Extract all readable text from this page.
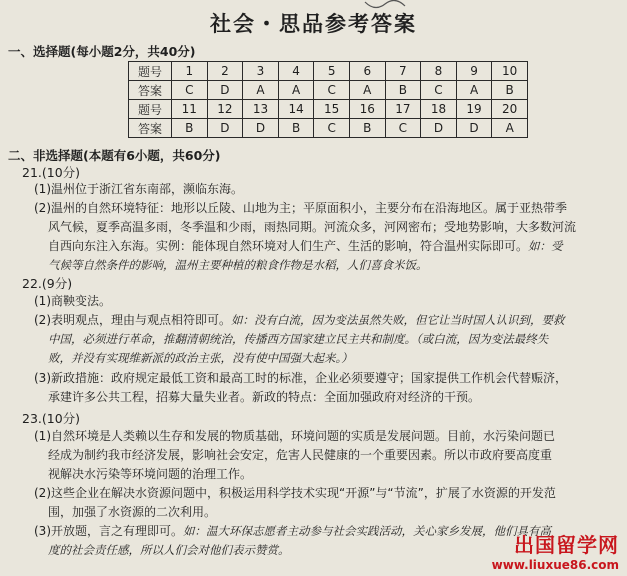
社会・思品参考答案
一、选择题(每小题2分，共40分)
题号	1	2	3	4	5	6	7	8	9	10
答案	C	D	A	A	C	A	B	C	A	B
题号	11	12	13	14	15	16	17	18	19	20
答案	B	D	D	B	C	B	C	D	D	A
二、非选择题(本题有6小题，共60分)
21.(10分)
(1)温州位于浙江省东南部，濒临东海。
(2)温州的自然环境特征：地形以丘陵、山地为主；平原面积小，主要分布在沿海地区。属于亚热带季
风气候，夏季高温多雨，冬季温和少雨，雨热同期。河流众多，河网密布；受地势影响，大多数河流
自西向东注入东海。实例：能体现自然环境对人们生产、生活的影响，符合温州实际即可。如：受
气候等自然条件的影响，温州主要种植的粮食作物是水稻，人们喜食米饭。
22.(9分)
(1)商鞅变法。
(2)表明观点，理由与观点相符即可。如：没有白流，因为变法虽然失败，但它让当时国人认识到，要救
中国，必须进行革命，推翻清朝统治，传播西方国家建立民主共和制度。（或白流，因为变法最终失
败，并没有实现维新派的政治主张，没有使中国强大起来。）
(3)新政措施：政府规定最低工资和最高工时的标准，企业必须要遵守；国家提供工作机会代替赈济，
承建许多公共工程，招募大量失业者。新政的特点：全面加强政府对经济的干预。
23.(10分)
(1)自然环境是人类赖以生存和发展的物质基础，环境问题的实质是发展问题。目前，水污染问题已
经成为制约我市经济发展，影响社会安定，危害人民健康的一个重要因素。所以市政府要高度重
视解决水污染等环境问题的治理工作。
(2)这些企业在解决水资源问题中，积极运用科学技术实现“开源”与“节流”，扩展了水资源的开发范
围，加强了水资源的二次利用。
(3)开放题，言之有理即可。如：温大环保志愿者主动参与社会实践活动，关心家乡发展，他们具有高
度的社会责任感，所以人们会对他们表示赞赏。	出国留学网
www.liuxue86.com
